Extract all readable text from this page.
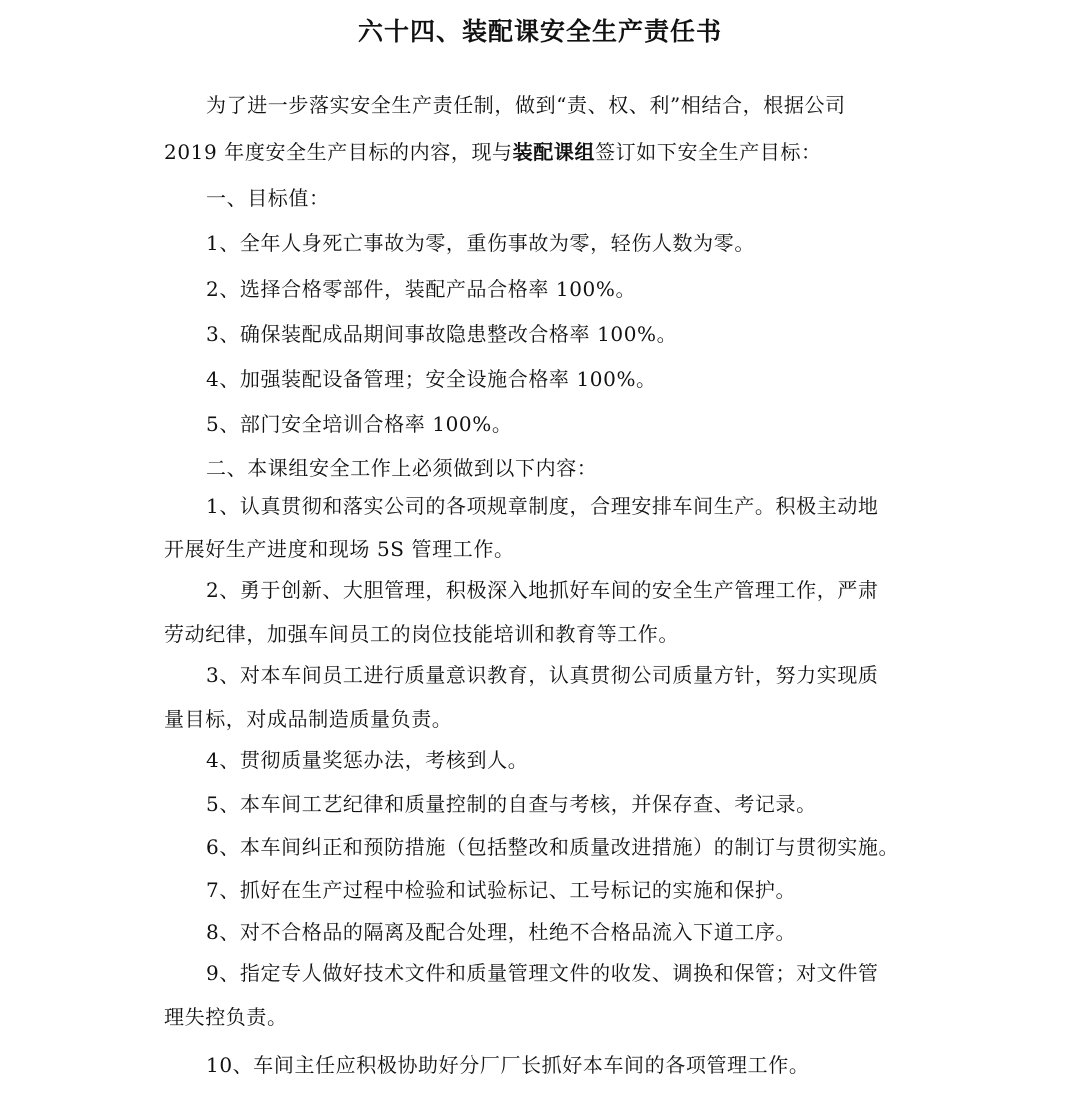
六十四、装配课安全生产责任书
为了进一步落实安全生产责任制，做到“责、权、利”相结合，根据公司
2019 年度安全生产目标的内容，现与装配课组签订如下安全生产目标：
一、目标值：
1、全年人身死亡事故为零，重伤事故为零，轻伤人数为零。
2、选择合格零部件，装配产品合格率 100%。
3、确保装配成品期间事故隐患整改合格率 100%。
4、加强装配设备管理；安全设施合格率 100%。
5、部门安全培训合格率 100%。
二、本课组安全工作上必须做到以下内容：
1、认真贯彻和落实公司的各项规章制度，合理安排车间生产。积极主动地
开展好生产进度和现场 5S 管理工作。
2、勇于创新、大胆管理，积极深入地抓好车间的安全生产管理工作，严肃
劳动纪律，加强车间员工的岗位技能培训和教育等工作。
3、对本车间员工进行质量意识教育，认真贯彻公司质量方针，努力实现质
量目标，对成品制造质量负责。
4、贯彻质量奖惩办法，考核到人。
5、本车间工艺纪律和质量控制的自查与考核，并保存查、考记录。
6、本车间纠正和预防措施（包括整改和质量改进措施）的制订与贯彻实施。
7、抓好在生产过程中检验和试验标记、工号标记的实施和保护。
8、对不合格品的隔离及配合处理，杜绝不合格品流入下道工序。
9、指定专人做好技术文件和质量管理文件的收发、调换和保管；对文件管
理失控负责。
10、车间主任应积极协助好分厂厂长抓好本车间的各项管理工作。
